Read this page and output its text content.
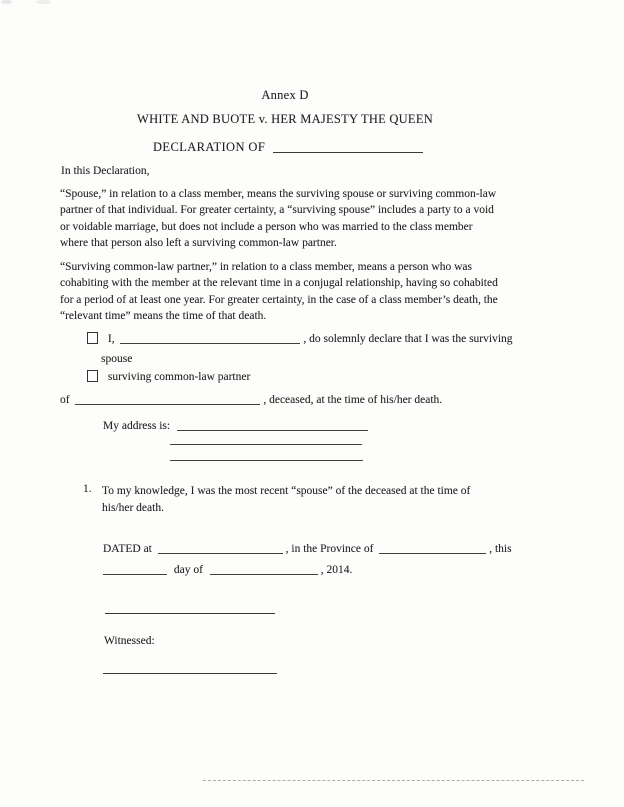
Annex D
WHITE AND BUOTE v. HER MAJESTY THE QUEEN
DECLARATION OF
In this Declaration,
“Spouse,” in relation to a class member, means the surviving spouse or surviving common-law partner of that individual. For greater certainty, a “surviving spouse” includes a party to a void or voidable marriage, but does not include a person who was married to the class member where that person also left a surviving common-law partner.
“Surviving common-law partner,” in relation to a class member, means a person who was cohabiting with the member at the relevant time in a conjugal relationship, having so cohabited for a period of at least one year. For greater certainty, in the case of a class member’s death, the “relevant time” means the time of that death.
I,	, do solemnly declare that I was the surviving
spouse
surviving common-law partner
of	, deceased, at the time of his/her death.
My address is:
1. To my knowledge, I was the most recent “spouse” of the deceased at the time of his/her death.
DATED at	, in the Province of	, this
day of	, 2014.
Witnessed:
